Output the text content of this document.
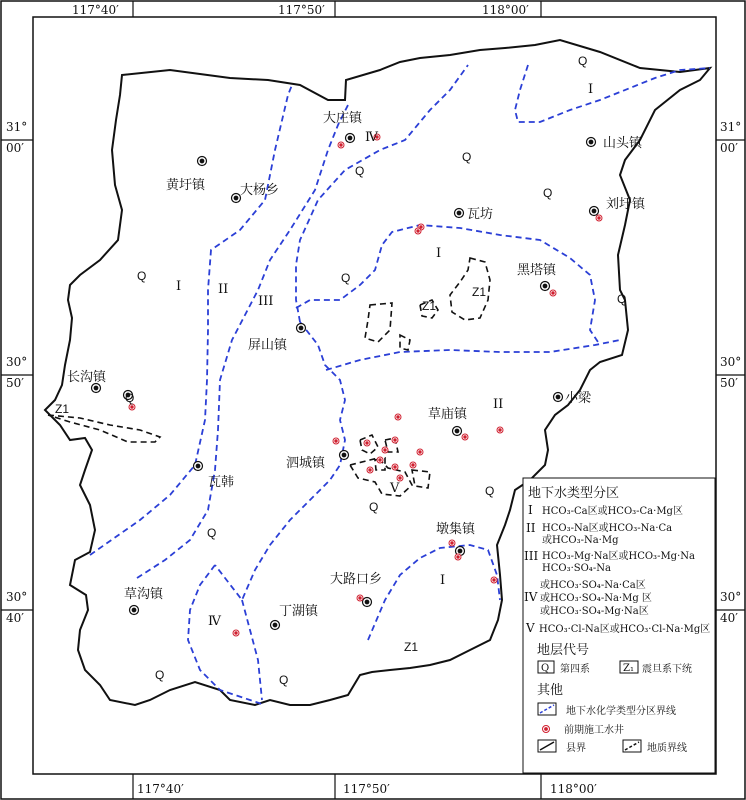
117°40′	117°50′	118°00′
117°40′	117°50′	118°00′
31°
00′
30°
50′
30°
40′
31°
00′
30°
50′
30°
40′
大庄镇
山头镇
黄圩镇	大杨乡
刘圩镇
瓦坊
黑塔镇
屏山镇
长沟镇
草庙镇
小梁
泗城镇
瓦韩
墩集镇
草沟镇
大路口乡
丁湖镇
I
I
I
I
II
II
III
Ⅳ
Ⅳ
Ⅴ
Q
Q
Q
Q
Q
Q
Q
Q
Q
Q
Q
Q	Q
Z1
Z1
Z1
Z1
地下水类型分区
I HCO₃-Ca区或HCO₃-Ca·Mg区
II HCO₃-Na区或HCO₃-Na·Ca
或HCO₃-Na·Mg
III HCO₃-Mg·Na区或HCO₃-Mg·Na
HCO₃·SO₄-Na
IV
或HCO₃·SO₄-Na·Ca区
或HCO₃·SO₄-Na·Mg 区
或HCO₃·SO₄-Mg·Na区
V HCO₃·Cl-Na区或HCO₃·Cl-Na·Mg区
地层代号
Q 第四系	Z₁ 震旦系下统
其他
地下水化学类型分区界线
前期施工水井
县界	地质界线
